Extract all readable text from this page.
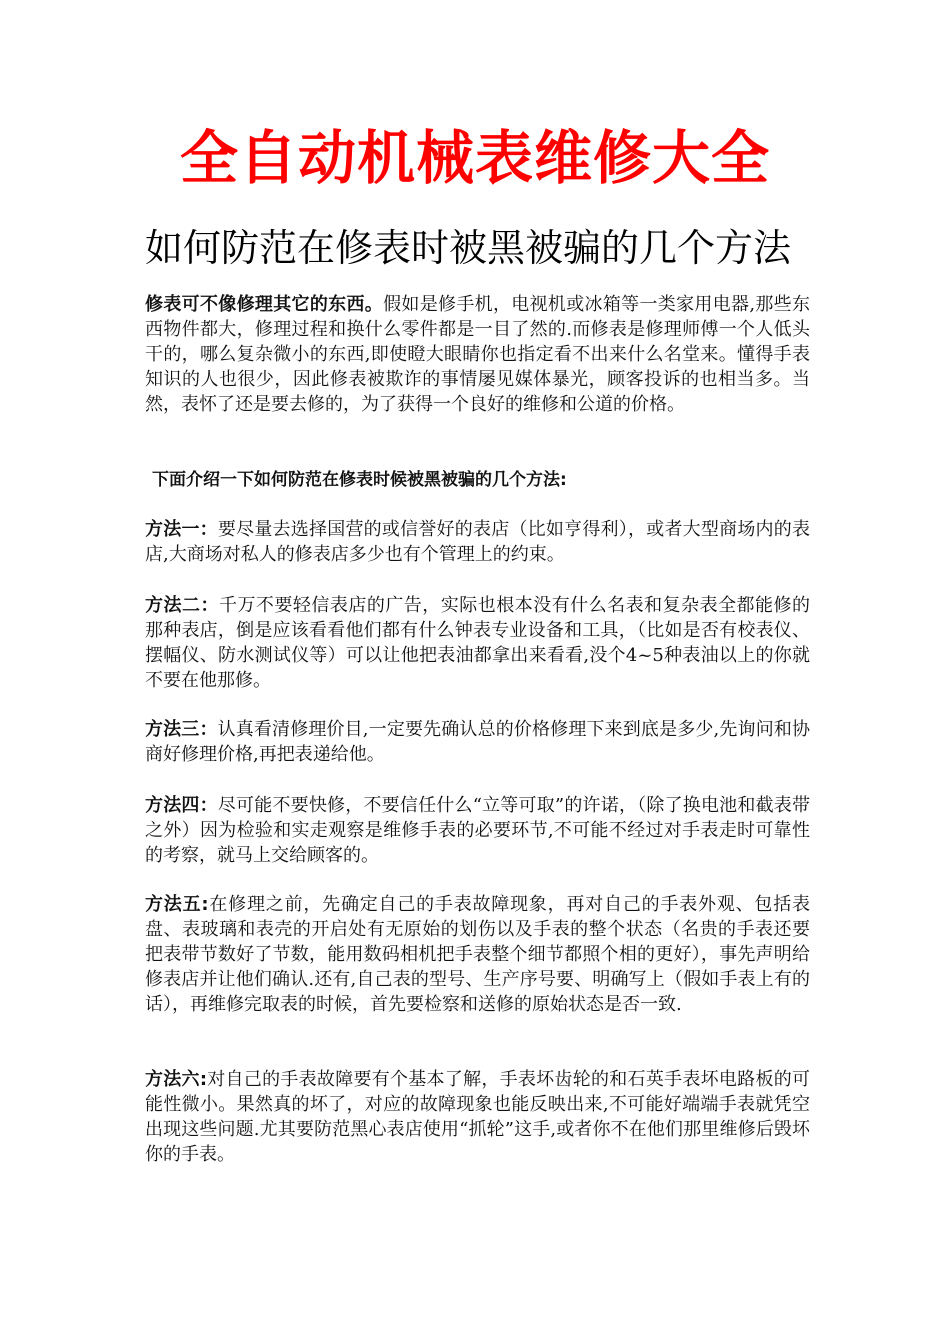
全自动机械表维修大全
如何防范在修表时被黑被骗的几个方法
修表可不像修理其它的东西。假如是修手机，电视机或冰箱等一类家用电器,那些东西物件都大，修理过程和换什么零件都是一目了然的.而修表是修理师傅一个人低头干的，哪么复杂微小的东西,即使瞪大眼睛你也指定看不出来什么名堂来。懂得手表知识的人也很少，因此修表被欺诈的事情屡见媒体暴光，顾客投诉的也相当多。当然，表怀了还是要去修的，为了获得一个良好的维修和公道的价格。
下面介绍一下如何防范在修表时候被黑被骗的几个方法:
方法一：要尽量去选择国营的或信誉好的表店（比如亨得利），或者大型商场内的表店,大商场对私人的修表店多少也有个管理上的约束。
方法二：千万不要轻信表店的广告，实际也根本没有什么名表和复杂表全都能修的那种表店，倒是应该看看他们都有什么钟表专业设备和工具，（比如是否有校表仪、摆幅仪、防水测试仪等）可以让他把表油都拿出来看看,没个4~5种表油以上的你就不要在他那修。
方法三：认真看清修理价目,一定要先确认总的价格修理下来到底是多少,先询问和协商好修理价格,再把表递给他。
方法四：尽可能不要快修，不要信任什么“立等可取”的许诺，（除了换电池和截表带之外）因为检验和实走观察是维修手表的必要环节,不可能不经过对手表走时可靠性的考察，就马上交给顾客的。
方法五:在修理之前，先确定自己的手表故障现象，再对自己的手表外观、包括表盘、表玻璃和表壳的开启处有无原始的划伤以及手表的整个状态（名贵的手表还要把表带节数好了节数，能用数码相机把手表整个细节都照个相的更好），事先声明给修表店并让他们确认.还有,自己表的型号、生产序号要、明确写上（假如手表上有的话），再维修完取表的时候，首先要检察和送修的原始状态是否一致.
方法六:对自己的手表故障要有个基本了解，手表坏齿轮的和石英手表坏电路板的可能性微小。果然真的坏了，对应的故障现象也能反映出来,不可能好端端手表就凭空出现这些问题.尤其要防范黑心表店使用“抓轮”这手,或者你不在他们那里维修后毁坏你的手表。
